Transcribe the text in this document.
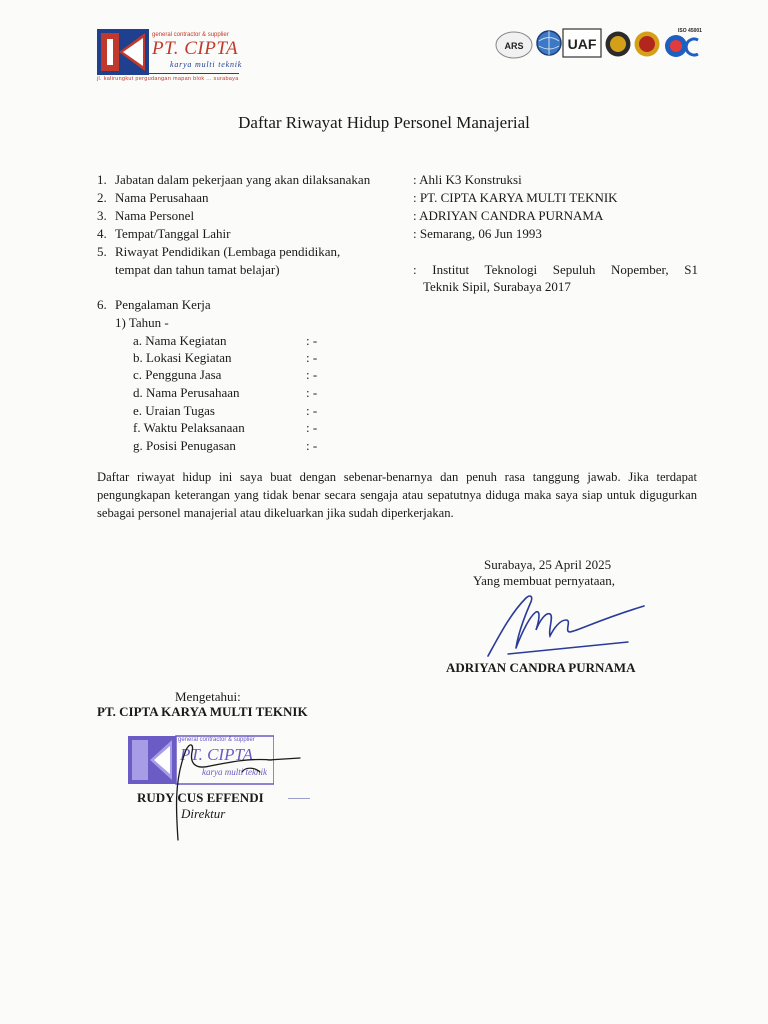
general contractor & supplier
PT. CIPTA
karya multi teknik
jl. kalirungkut pergudangan mapan blok ... surabaya
ARS	UAF
ISO 45001
Daftar Riwayat Hidup Personel Manajerial
1. Jabatan dalam pekerjaan yang akan dilaksanakan	: Ahli K3 Konstruksi
2. Nama Perusahaan	: PT. CIPTA KARYA MULTI TEKNIK
3. Nama Personel	: ADRIYAN CANDRA PURNAMA
4. Tempat/Tanggal Lahir	: Semarang, 06 Jun 1993
5. Riwayat Pendidikan (Lembaga pendidikan,
tempat dan tahun tamat belajar)	: Institut Teknologi Sepuluh Nopember, S1
Teknik Sipil, Surabaya 2017
6. Pengalaman Kerja
1) Tahun -
a. Nama Kegiatan	: -
b. Lokasi Kegiatan	: -
c. Pengguna Jasa	: -
d. Nama Perusahaan	: -
e. Uraian Tugas	: -
f. Waktu Pelaksanaan	: -
g. Posisi Penugasan	: -
Daftar riwayat hidup ini saya buat dengan sebenar-benarnya dan penuh rasa tanggung jawab. Jika terdapat pengungkapan keterangan yang tidak benar secara sengaja atau sepatutnya diduga maka saya siap untuk digugurkan sebagai personel manajerial atau dikeluarkan jika sudah diperkerjakan.
Surabaya, 25 April 2025
Yang membuat pernyataan,
ADRIYAN CANDRA PURNAMA
Mengetahui:
PT. CIPTA KARYA MULTI TEKNIK
general contractor & supplier
PT. CIPTA
karya multi teknik
RUDY CUS EFFENDI
Direktur
